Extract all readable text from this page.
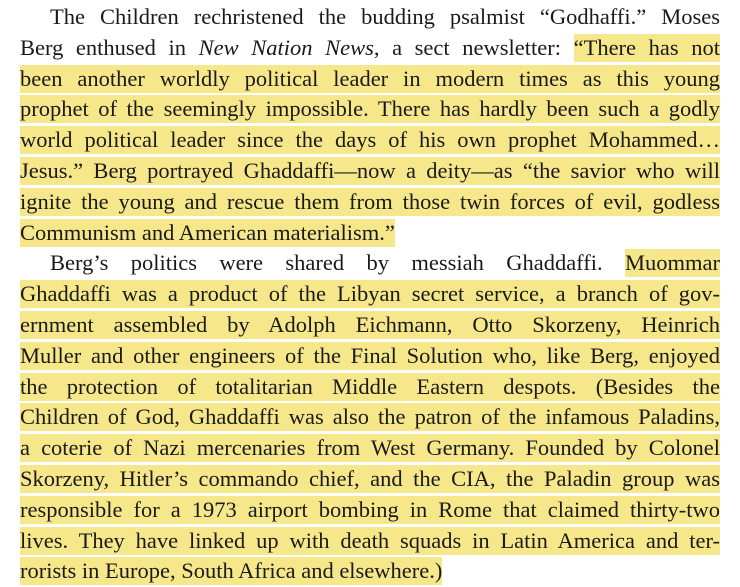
The Children rechristened the budding psalmist “Godhaffi.” Moses
Berg enthused in New Nation News, a sect newsletter: “There has not
been another worldly political leader in modern times as this young
prophet of the seemingly impossible. There has hardly been such a godly
world political leader since the days of his own prophet Mohammed…
Jesus.” Berg portrayed Ghaddaffi—now a deity—as “the savior who will
ignite the young and rescue them from those twin forces of evil, godless
Communism and American materialism.”
Berg’s politics were shared by messiah Ghaddaffi. Muommar
Ghaddaffi was a product of the Libyan secret service, a branch of gov-
ernment assembled by Adolph Eichmann, Otto Skorzeny, Heinrich
Muller and other engineers of the Final Solution who, like Berg, enjoyed
the protection of totalitarian Middle Eastern despots. (Besides the
Children of God, Ghaddaffi was also the patron of the infamous Paladins,
a coterie of Nazi mercenaries from West Germany. Founded by Colonel
Skorzeny, Hitler’s commando chief, and the CIA, the Paladin group was
responsible for a 1973 airport bombing in Rome that claimed thirty-two
lives. They have linked up with death squads in Latin America and ter-
rorists in Europe, South Africa and elsewhere.)
